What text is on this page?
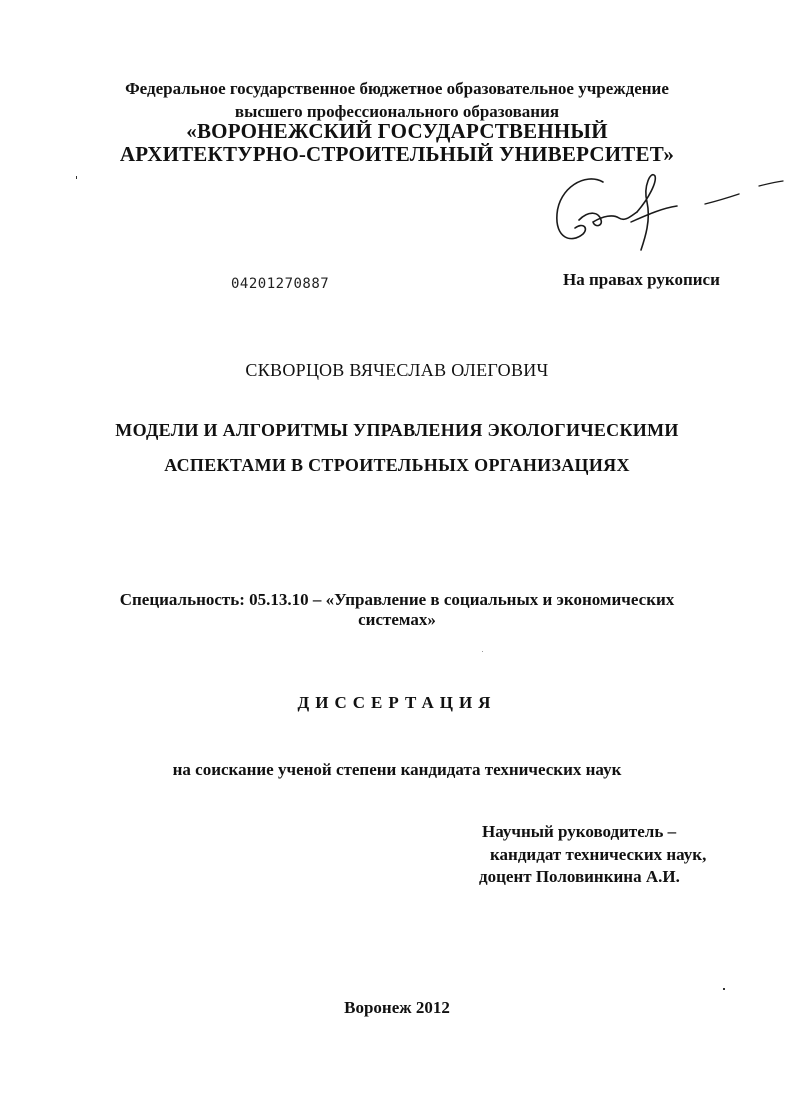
Федеральное государственное бюджетное образовательное учреждение
высшего профессионального образования
«ВОРОНЕЖСКИЙ ГОСУДАРСТВЕННЫЙ
АРХИТЕКТУРНО-СТРОИТЕЛЬНЫЙ УНИВЕРСИТЕТ»
04201270887	На правах рукописи
СКВОРЦОВ ВЯЧЕСЛАВ ОЛЕГОВИЧ
МОДЕЛИ И АЛГОРИТМЫ УПРАВЛЕНИЯ ЭКОЛОГИЧЕСКИМИ
АСПЕКТАМИ В СТРОИТЕЛЬНЫХ ОРГАНИЗАЦИЯХ
Специальность: 05.13.10 – «Управление в социальных и экономических
системах»
ДИССЕРТАЦИЯ
на соискание ученой степени кандидата технических наук
Научный руководитель –
кандидат технических наук,
доцент Половинкина А.И.
Воронеж 2012
